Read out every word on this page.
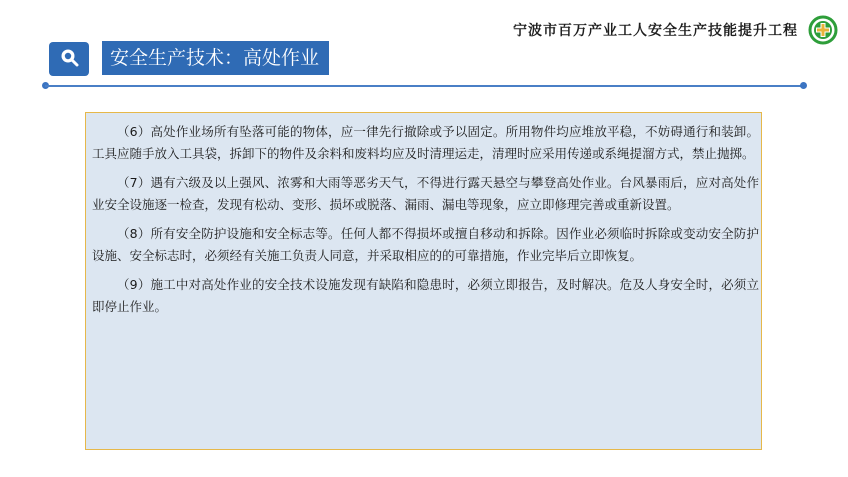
宁波市百万产业工人安全生产技能提升工程
安全生产技术：高处作业

（6）高处作业场所有坠落可能的物体，应一律先行撤除或予以固定。所用物件均应堆放平稳，不妨碍通行和装卸。工具应随手放入工具袋，拆卸下的物件及余料和废料均应及时清理运走，清理时应采用传递或系绳提溜方式，禁止抛掷。

（7）遇有六级及以上强风、浓雾和大雨等恶劣天气，不得进行露天悬空与攀登高处作业。台风暴雨后，应对高处作业安全设施逐一检查，发现有松动、变形、损坏或脱落、漏雨、漏电等现象，应立即修理完善或重新设置。

（8）所有安全防护设施和安全标志等。任何人都不得损坏或擅自移动和拆除。因作业必须临时拆除或变动安全防护设施、安全标志时，必须经有关施工负责人同意，并采取相应的的可靠措施，作业完毕后立即恢复。

（9）施工中对高处作业的安全技术设施发现有缺陷和隐患时，必须立即报告，及时解决。危及人身安全时，必须立即停止作业。
